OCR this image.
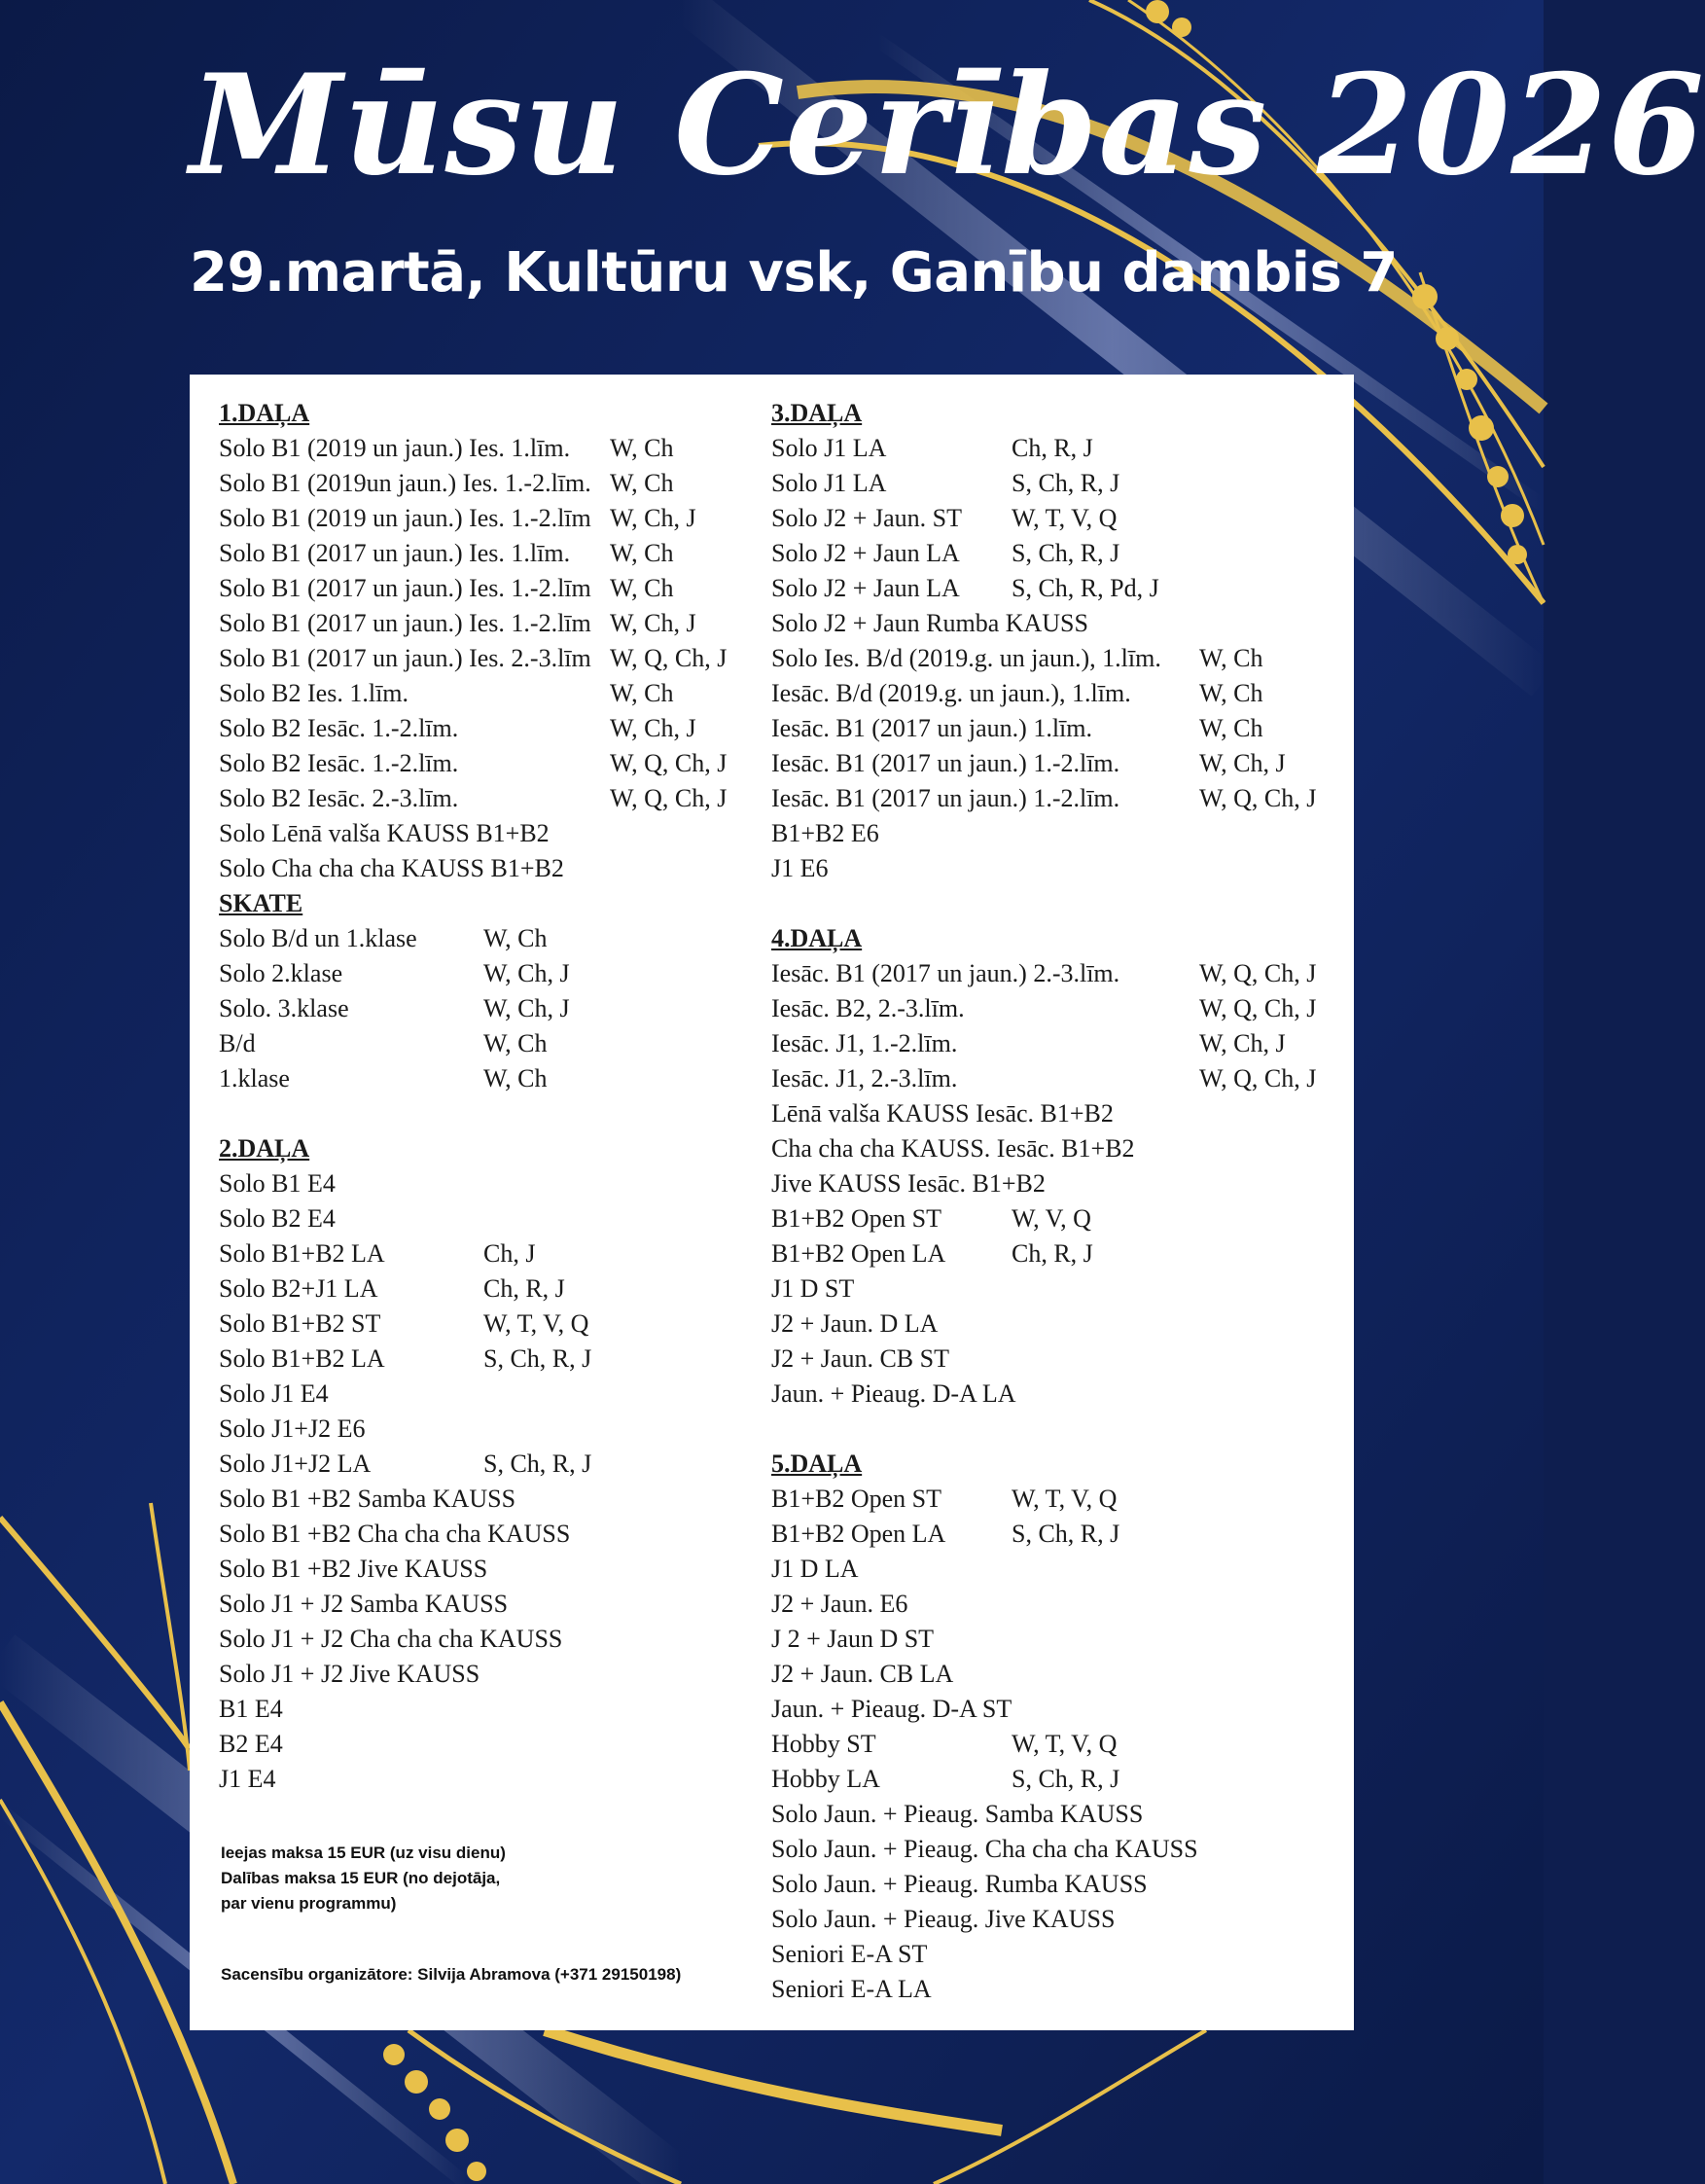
Mūsu Cerības 2026
29.martā, Kultūru vsk, Ganību dambis 7
1.DAĻA
Solo B1 (2019 un jaun.) Ies. 1.līm. W, Ch
Solo B1 (2019un jaun.) Ies. 1.-2.līm. W, Ch
Solo B1 (2019 un jaun.) Ies. 1.-2.līm W, Ch, J
Solo B1 (2017 un jaun.) Ies. 1.līm. W, Ch
Solo B1 (2017 un jaun.) Ies. 1.-2.līm W, Ch
Solo B1 (2017 un jaun.) Ies. 1.-2.līm W, Ch, J
Solo B1 (2017 un jaun.) Ies. 2.-3.līm W, Q, Ch, J
Solo B2 Ies. 1.līm.	W, Ch
Solo B2 Iesāc. 1.-2.līm.	W, Ch, J
Solo B2 Iesāc. 1.-2.līm.	W, Q, Ch, J
Solo B2 Iesāc. 2.-3.līm.	W, Q, Ch, J
Solo Lēnā valša KAUSS B1+B2
Solo Cha cha cha KAUSS B1+B2
SKATE
Solo B/d un 1.klase	W, Ch
Solo 2.klase	W, Ch, J
Solo. 3.klase	W, Ch, J
B/d	W, Ch
1.klase	W, Ch
2.DAĻA
Solo B1 E4
Solo B2 E4
Solo B1+B2 LA	Ch, J
Solo B2+J1 LA	Ch, R, J
Solo B1+B2 ST	W, T, V, Q
Solo B1+B2 LA	S, Ch, R, J
Solo J1 E4
Solo J1+J2 E6
Solo J1+J2 LA	S, Ch, R, J
Solo B1 +B2 Samba KAUSS
Solo B1 +B2 Cha cha cha KAUSS
Solo B1 +B2 Jive KAUSS
Solo J1 + J2 Samba KAUSS
Solo J1 + J2 Cha cha cha KAUSS
Solo J1 + J2 Jive KAUSS
B1 E4
B2 E4
J1 E4
3.DAĻA
Solo J1 LA	Ch, R, J
Solo J1 LA	S, Ch, R, J
Solo J2 + Jaun. ST W, T, V, Q
Solo J2 + Jaun LA S, Ch, R, J
Solo J2 + Jaun LA S, Ch, R, Pd, J
Solo J2 + Jaun Rumba KAUSS
Solo Ies. B/d (2019.g. un jaun.), 1.līm. W, Ch
Iesāc. B/d (2019.g. un jaun.), 1.līm.	W, Ch
Iesāc. B1 (2017 un jaun.) 1.līm.	W, Ch
Iesāc. B1 (2017 un jaun.) 1.-2.līm.	W, Ch, J
Iesāc. B1 (2017 un jaun.) 1.-2.līm.	W, Q, Ch, J
B1+B2 E6
J1 E6
4.DAĻA
Iesāc. B1 (2017 un jaun.) 2.-3.līm.	W, Q, Ch, J
Iesāc. B2, 2.-3.līm.	W, Q, Ch, J
Iesāc. J1, 1.-2.līm.	W, Ch, J
Iesāc. J1, 2.-3.līm.	W, Q, Ch, J
Lēnā valša KAUSS Iesāc. B1+B2
Cha cha cha KAUSS. Iesāc. B1+B2
Jive KAUSS Iesāc. B1+B2
B1+B2 Open ST	W, V, Q
B1+B2 Open LA	Ch, R, J
J1 D ST
J2 + Jaun. D LA
J2 + Jaun. CB ST
Jaun. + Pieaug. D-A LA
5.DAĻA
B1+B2 Open ST	W, T, V, Q
B1+B2 Open LA	S, Ch, R, J
J1 D LA
J2 + Jaun. E6
J 2 + Jaun D ST
J2 + Jaun. CB LA
Jaun. + Pieaug. D-A ST
Hobby ST	W, T, V, Q
Hobby LA	S, Ch, R, J
Solo Jaun. + Pieaug. Samba KAUSS
Solo Jaun. + Pieaug. Cha cha cha KAUSS
Solo Jaun. + Pieaug. Rumba KAUSS
Solo Jaun. + Pieaug. Jive KAUSS
Seniori E-A ST
Seniori E-A LA
Ieejas maksa 15 EUR (uz visu dienu)
Dalības maksa 15 EUR (no dejotāja,
par vienu programmu)
Sacensību organizātore: Silvija Abramova (+371 29150198)
